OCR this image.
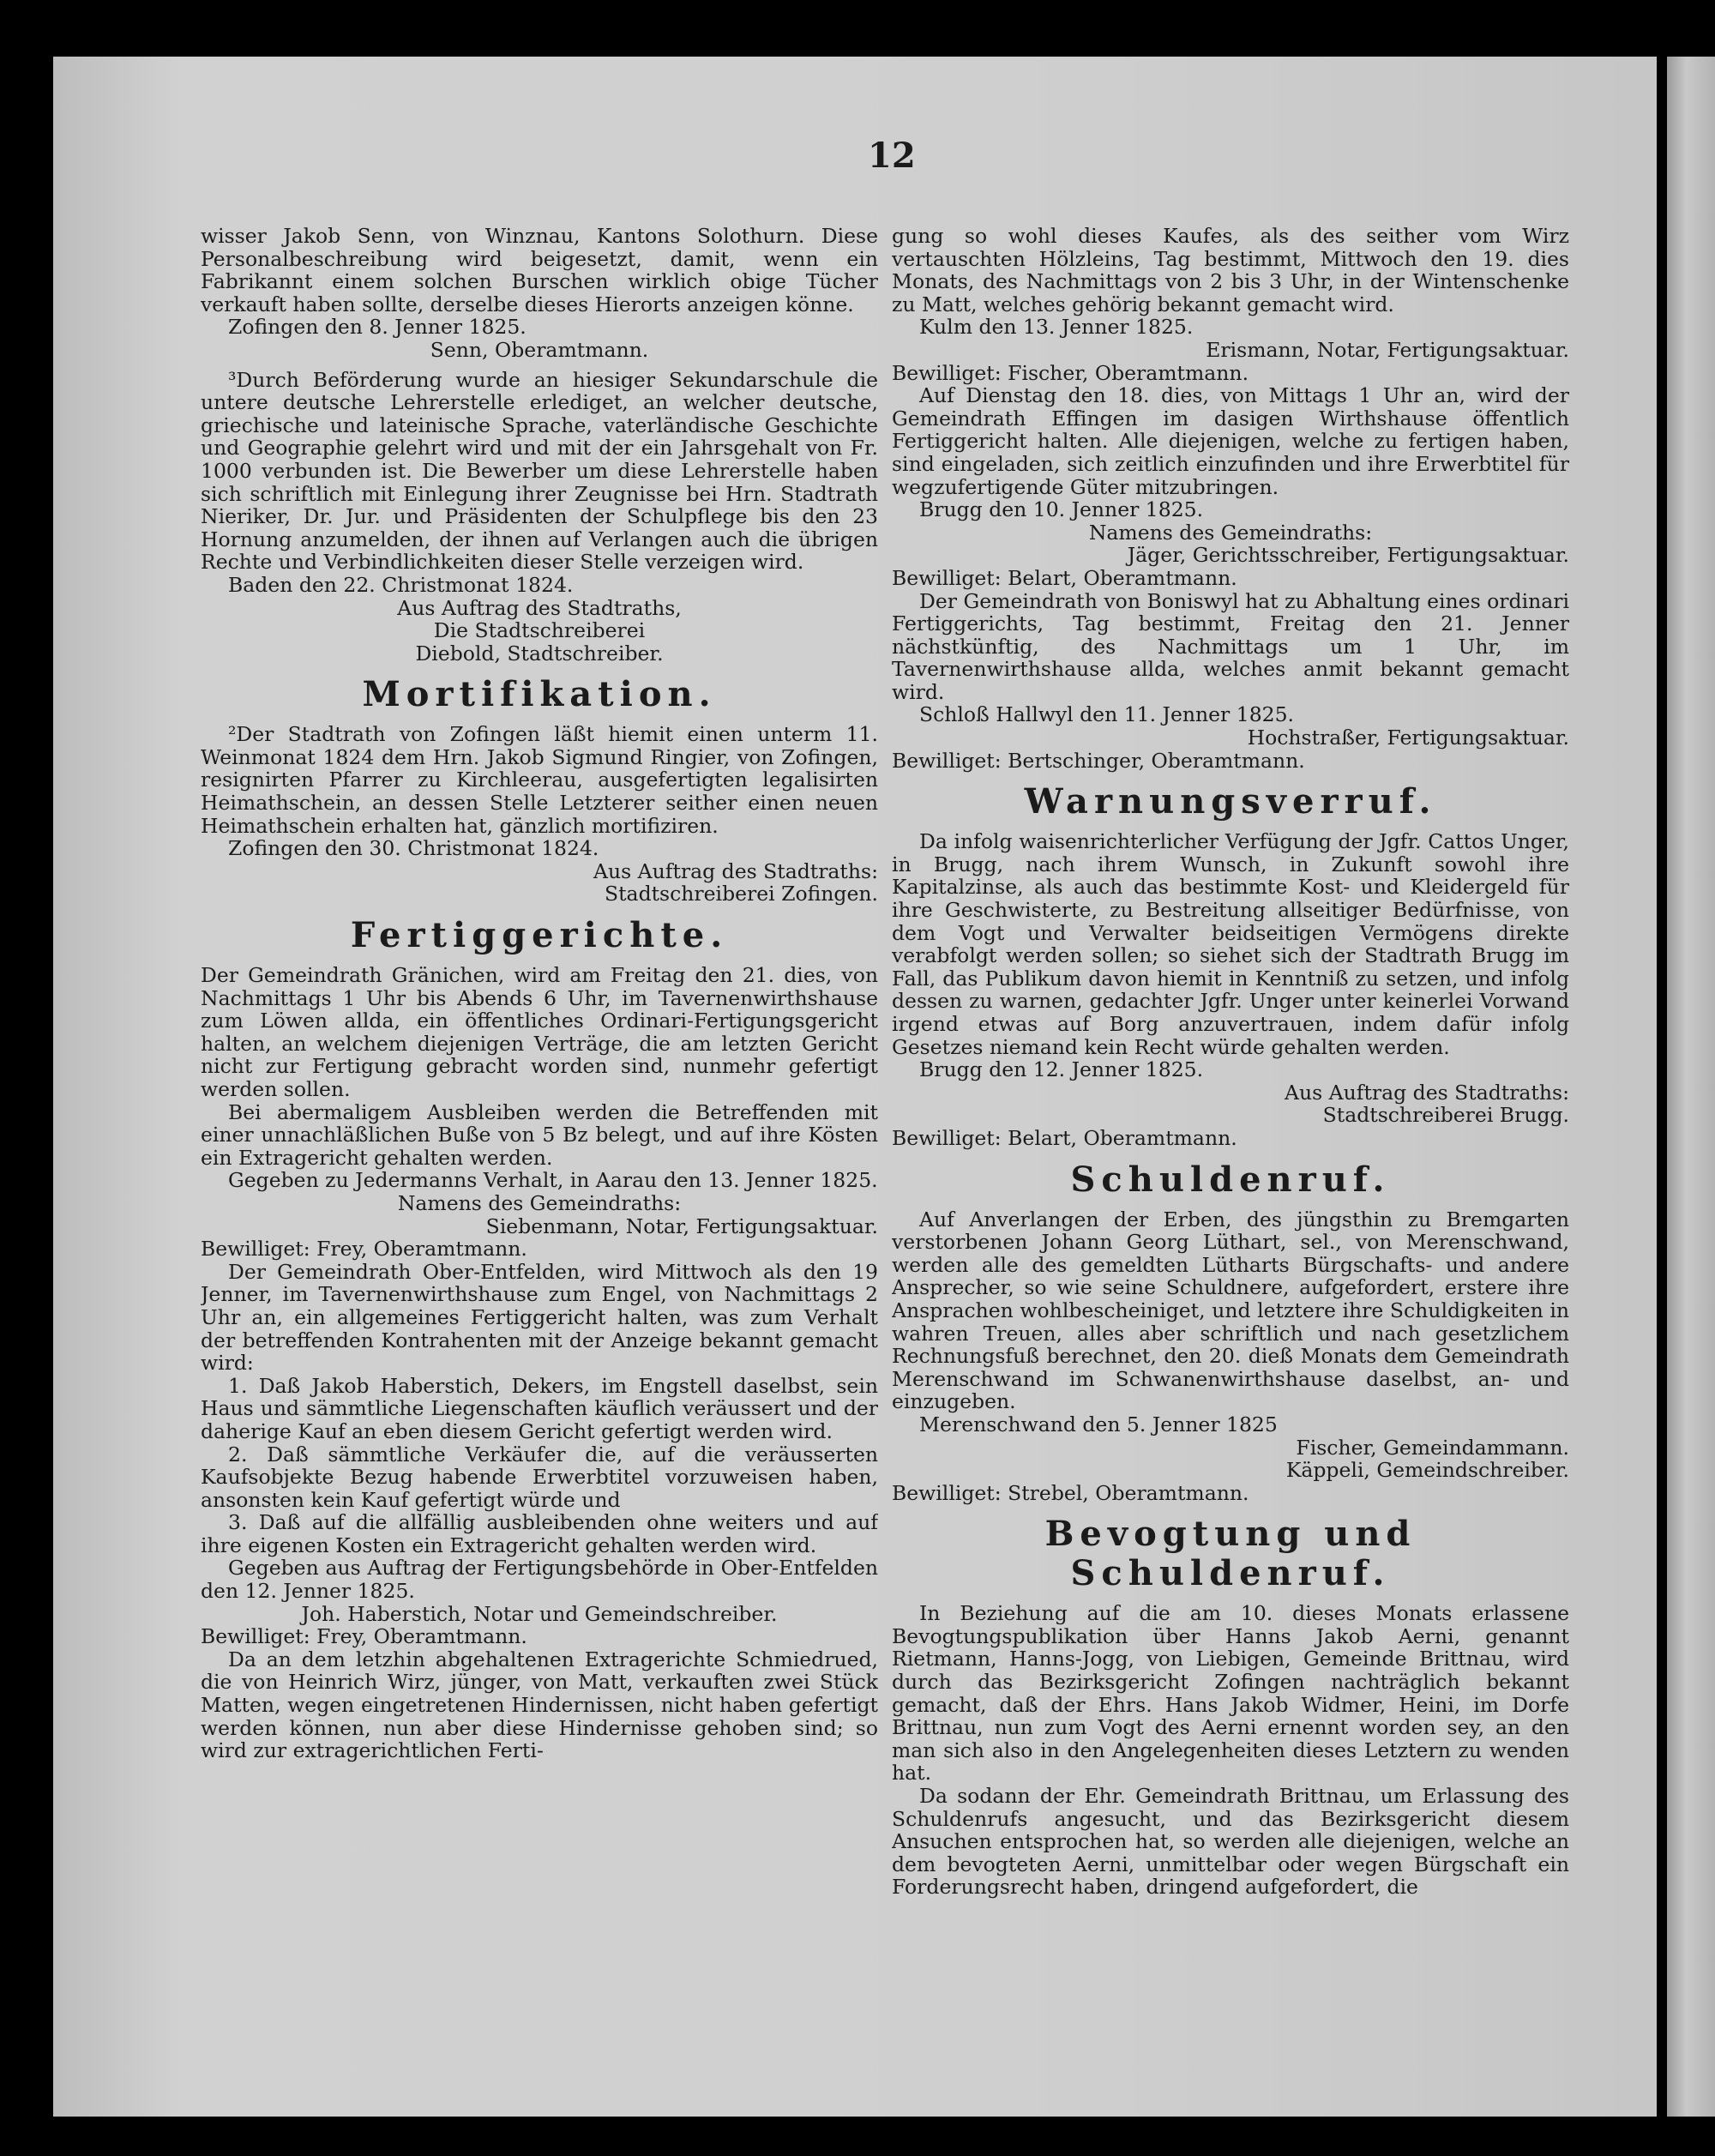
12

wisser Jakob Senn, von Winznau, Kantons Solothurn. Diese Personalbeschreibung wird beigesetzt, damit, wenn ein Fabrikannt einem solchen Burschen wirklich obige Tücher verkauft haben sollte, derselbe dieses Hierorts anzeigen könne.

Zofingen den 8. Jenner 1825.

Senn, Oberamtmann.

³Durch Beförderung wurde an hiesiger Sekundarschule die untere deutsche Lehrerstelle erlediget, an welcher deutsche, griechische und lateinische Sprache, vaterländische Geschichte und Geographie gelehrt wird und mit der ein Jahrsgehalt von Fr. 1000 verbunden ist. Die Bewerber um diese Lehrerstelle haben sich schriftlich mit Einlegung ihrer Zeugnisse bei Hrn. Stadtrath Nieriker, Dr. Jur. und Präsidenten der Schulpflege bis den 23 Hornung anzumelden, der ihnen auf Verlangen auch die übrigen Rechte und Verbindlichkeiten dieser Stelle verzeigen wird.

Baden den 22. Christmonat 1824.

Aus Auftrag des Stadtraths,

Die Stadtschreiberei

Diebold, Stadtschreiber.

Mortifikation.

²Der Stadtrath von Zofingen läßt hiemit einen unterm 11. Weinmonat 1824 dem Hrn. Jakob Sigmund Ringier, von Zofingen, resignirten Pfarrer zu Kirchleerau, ausgefertigten legalisirten Heimathschein, an dessen Stelle Letzterer seither einen neuen Heimathschein erhalten hat, gänzlich mortifiziren.

Zofingen den 30. Christmonat 1824.

Aus Auftrag des Stadtraths:

Stadtschreiberei Zofingen.

Fertiggerichte.

Der Gemeindrath Gränichen, wird am Freitag den 21. dies, von Nachmittags 1 Uhr bis Abends 6 Uhr, im Tavernenwirthshause zum Löwen allda, ein öffentliches Ordinari-Fertigungsgericht halten, an welchem diejenigen Verträge, die am letzten Gericht nicht zur Fertigung gebracht worden sind, nunmehr gefertigt werden sollen.

Bei abermaligem Ausbleiben werden die Betreffenden mit einer unnachläßlichen Buße von 5 Bz belegt, und auf ihre Kösten ein Extragericht gehalten werden.

Gegeben zu Jedermanns Verhalt, in Aarau den 13. Jenner 1825.

Namens des Gemeindraths:

Siebenmann, Notar, Fertigungsaktuar.

Bewilliget: Frey, Oberamtmann.

Der Gemeindrath Ober-Entfelden, wird Mittwoch als den 19 Jenner, im Tavernenwirthshause zum Engel, von Nachmittags 2 Uhr an, ein allgemeines Fertiggericht halten, was zum Verhalt der betreffenden Kontrahenten mit der Anzeige bekannt gemacht wird:

1. Daß Jakob Haberstich, Dekers, im Engstell daselbst, sein Haus und sämmtliche Liegenschaften käuflich veräussert und der daherige Kauf an eben diesem Gericht gefertigt werden wird.

2. Daß sämmtliche Verkäufer die, auf die veräusserten Kaufsobjekte Bezug habende Erwerbtitel vorzuweisen haben, ansonsten kein Kauf gefertigt würde und

3. Daß auf die allfällig ausbleibenden ohne weiters und auf ihre eigenen Kosten ein Extragericht gehalten werden wird.

Gegeben aus Auftrag der Fertigungsbehörde in Ober-Entfelden den 12. Jenner 1825.

Joh. Haberstich, Notar und Gemeindschreiber.

Bewilliget: Frey, Oberamtmann.

Da an dem letzhin abgehaltenen Extragerichte Schmiedrued, die von Heinrich Wirz, jünger, von Matt, verkauften zwei Stück Matten, wegen eingetretenen Hindernissen, nicht haben gefertigt werden können, nun aber diese Hindernisse gehoben sind; so wird zur extragerichtlichen Ferti-

gung so wohl dieses Kaufes, als des seither vom Wirz vertauschten Hölzleins, Tag bestimmt, Mittwoch den 19. dies Monats, des Nachmittags von 2 bis 3 Uhr, in der Wintenschenke zu Matt, welches gehörig bekannt gemacht wird.

Kulm den 13. Jenner 1825.

Erismann, Notar, Fertigungsaktuar.

Bewilliget: Fischer, Oberamtmann.

Auf Dienstag den 18. dies, von Mittags 1 Uhr an, wird der Gemeindrath Effingen im dasigen Wirthshause öffentlich Fertiggericht halten. Alle diejenigen, welche zu fertigen haben, sind eingeladen, sich zeitlich einzufinden und ihre Erwerbtitel für wegzufertigende Güter mitzubringen.

Brugg den 10. Jenner 1825.

Namens des Gemeindraths:

Jäger, Gerichtsschreiber, Fertigungsaktuar.

Bewilliget: Belart, Oberamtmann.

Der Gemeindrath von Boniswyl hat zu Abhaltung eines ordinari Fertiggerichts, Tag bestimmt, Freitag den 21. Jenner nächstkünftig, des Nachmittags um 1 Uhr, im Tavernenwirthshause allda, welches anmit bekannt gemacht wird.

Schloß Hallwyl den 11. Jenner 1825.

Hochstraßer, Fertigungsaktuar.

Bewilliget: Bertschinger, Oberamtmann.

Warnungsverruf.

Da infolg waisenrichterlicher Verfügung der Jgfr. Cattos Unger, in Brugg, nach ihrem Wunsch, in Zukunft sowohl ihre Kapitalzinse, als auch das bestimmte Kost- und Kleidergeld für ihre Geschwisterte, zu Bestreitung allseitiger Bedürfnisse, von dem Vogt und Verwalter beidseitigen Vermögens direkte verabfolgt werden sollen; so siehet sich der Stadtrath Brugg im Fall, das Publikum davon hiemit in Kenntniß zu setzen, und infolg dessen zu warnen, gedachter Jgfr. Unger unter keinerlei Vorwand irgend etwas auf Borg anzuvertrauen, indem dafür infolg Gesetzes niemand kein Recht würde gehalten werden.

Brugg den 12. Jenner 1825.

Aus Auftrag des Stadtraths:

Stadtschreiberei Brugg.

Bewilliget: Belart, Oberamtmann.

Schuldenruf.

Auf Anverlangen der Erben, des jüngsthin zu Bremgarten verstorbenen Johann Georg Lüthart, sel., von Merenschwand, werden alle des gemeldten Lütharts Bürgschafts- und andere Ansprecher, so wie seine Schuldnere, aufgefordert, erstere ihre Ansprachen wohlbescheiniget, und letztere ihre Schuldigkeiten in wahren Treuen, alles aber schriftlich und nach gesetzlichem Rechnungsfuß berechnet, den 20. dieß Monats dem Gemeindrath Merenschwand im Schwanenwirthshause daselbst, an- und einzugeben.

Merenschwand den 5. Jenner 1825

Fischer, Gemeindammann.

Käppeli, Gemeindschreiber.

Bewilliget: Strebel, Oberamtmann.

Bevogtung und Schuldenruf.

In Beziehung auf die am 10. dieses Monats erlassene Bevogtungspublikation über Hanns Jakob Aerni, genannt Rietmann, Hanns-Jogg, von Liebigen, Gemeinde Brittnau, wird durch das Bezirksgericht Zofingen nachträglich bekannt gemacht, daß der Ehrs. Hans Jakob Widmer, Heini, im Dorfe Brittnau, nun zum Vogt des Aerni ernennt worden sey, an den man sich also in den Angelegenheiten dieses Letztern zu wenden hat.

Da sodann der Ehr. Gemeindrath Brittnau, um Erlassung des Schuldenrufs angesucht, und das Bezirksgericht diesem Ansuchen entsprochen hat, so werden alle diejenigen, welche an dem bevogteten Aerni, unmittelbar oder wegen Bürgschaft ein Forderungsrecht haben, dringend aufgefordert, die
